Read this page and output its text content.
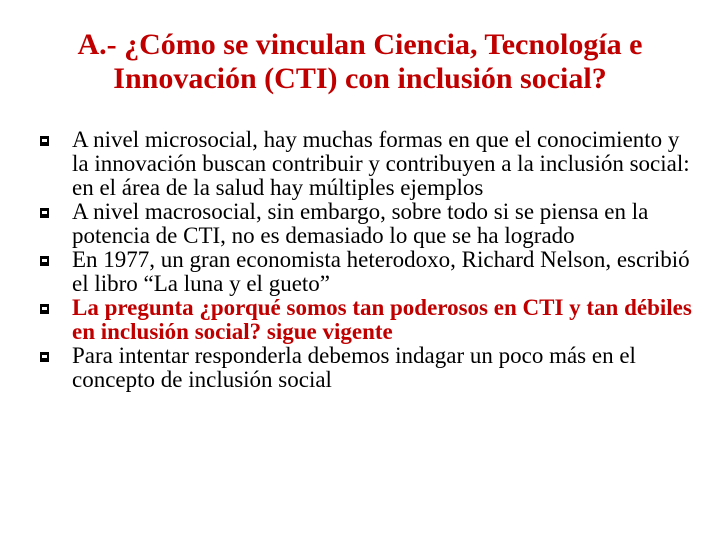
A.- ¿Cómo se vinculan Ciencia, Tecnología e
Innovación (CTI) con inclusión social?
A nivel microsocial, hay muchas formas en que el conocimiento y la innovación buscan contribuir y contribuyen a la inclusión social: en el área de la salud hay múltiples ejemplos
A nivel macrosocial, sin embargo, sobre todo si se piensa en la potencia de CTI, no es demasiado lo que se ha logrado
En 1977, un gran economista heterodoxo, Richard Nelson, escribió el libro “La luna y el gueto”
La pregunta ¿porqué somos tan poderosos en CTI y tan débiles en inclusión social? sigue vigente
Para intentar responderla debemos indagar un poco más en el concepto de inclusión social
